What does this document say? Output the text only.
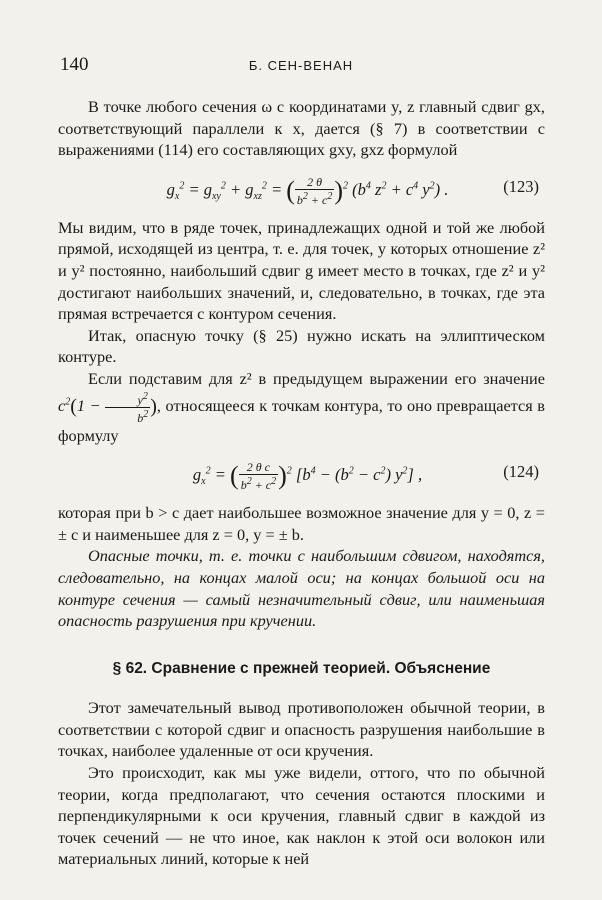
140	Б. СЕН-ВЕНАН

В точке любого сечения ω с координатами y, z главный сдвиг gx, соответствующий параллели к x, дается (§ 7) в соответствии с выражениями (114) его составляющих gxy, gxz формулой

$g_x^2 = g_{xy}^2 + g_{xz}^2$ = ( $\frac{2 \theta}{b^2 + c^2} )^2$ ($b^4$ $z^2 + c^4$ $y^2$) .	(123)

Мы видим, что в ряде точек, принадлежащих одной и той же любой прямой, исходящей из центра, т. е. для точек, у которых отношение z² и y² постоянно, наибольший сдвиг g имеет место в точках, где z² и y² достигают наибольших значений, и, следовательно, в точках, где эта прямая встречается с контуром сечения.

Итак, опасную точку (§ 25) нужно искать на эллиптическом контуре.

Если подставим для z² в предыдущем выражении его значение $c^2(1 - \frac{y^2}{b^2}$ ), относящееся к точкам контура, то оно превращается в формулу

$g_x^2$ = ( $\frac{\text{2 θ c}}{b^2 + c^2} )^2$ [$b^4 - (b^2 - c^2)$ $y^2$] ,	(124)

которая при b > c дает наибольшее возможное значение для y = 0, z = ± c и наименьшее для z = 0, y = ± b.

Опасные точки, т. е. точки с наибольшим сдвигом, находятся, следовательно, на концах малой оси; на концах большой оси на контуре сечения — самый незначительный сдвиг, или наименьшая опасность разрушения при кручении.

§ 62. Сравнение с прежней теорией. Объяснение

Этот замечательный вывод противоположен обычной теории, в соответствии с которой сдвиг и опасность разрушения наибольшие в точках, наиболее удаленные от оси кручения.

Это происходит, как мы уже видели, оттого, что по обычной теории, когда предполагают, что сечения остаются плоскими и перпендикулярными к оси кручения, главный сдвиг в каждой из точек сечений — не что иное, как наклон к этой оси волокон или материальных линий, которые к ней
